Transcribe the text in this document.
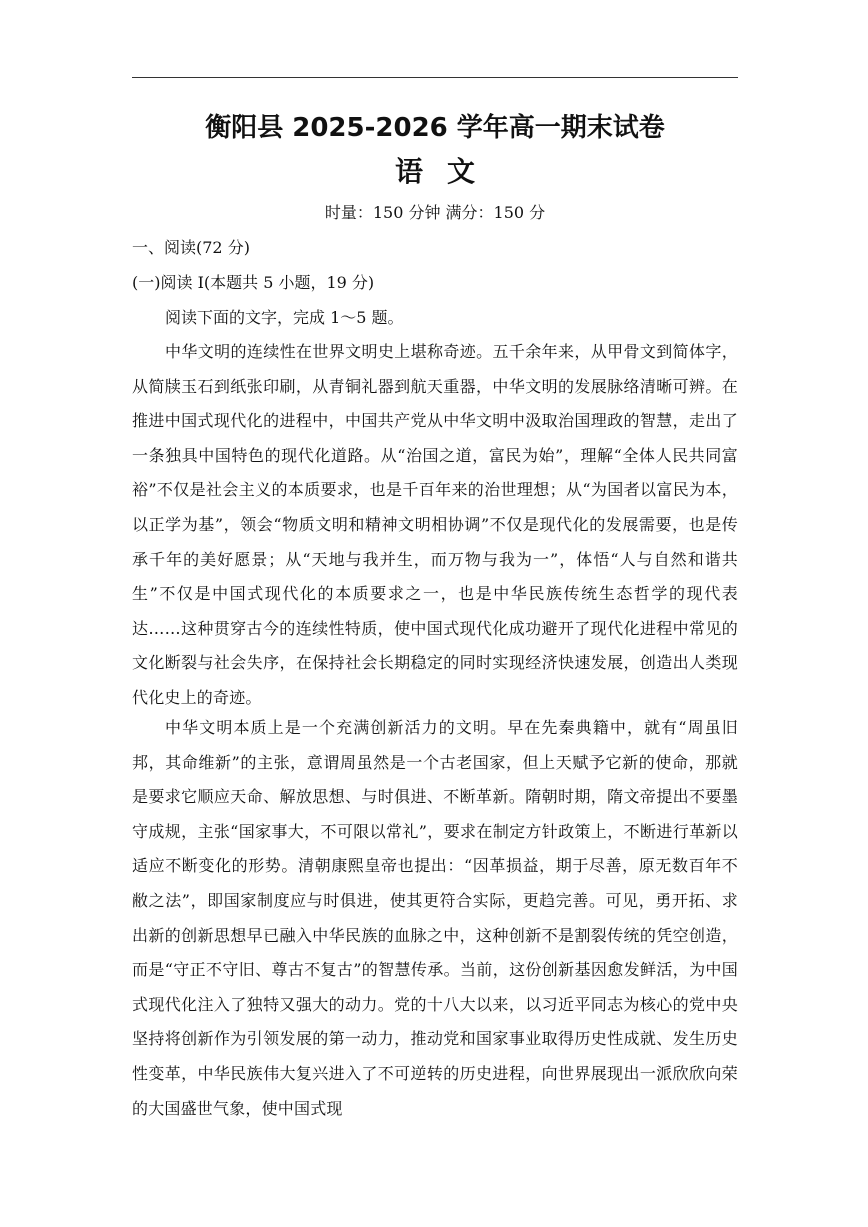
衡阳县 2025-2026 学年高一期末试卷
语文
时量：150 分钟 满分：150 分
一、阅读(72 分)
(一)阅读 I(本题共 5 小题，19 分)
阅读下面的文字，完成 1～5 题。

中华文明的连续性在世界文明史上堪称奇迹。五千余年来，从甲骨文到简体字，从简牍玉石到纸张印刷，从青铜礼器到航天重器，中华文明的发展脉络清晰可辨。在推进中国式现代化的进程中，中国共产党从中华文明中汲取治国理政的智慧，走出了一条独具中国特色的现代化道路。从“治国之道，富民为始”，理解“全体人民共同富裕”不仅是社会主义的本质要求，也是千百年来的治世理想；从“为国者以富民为本，以正学为基”，领会“物质文明和精神文明相协调”不仅是现代化的发展需要，也是传承千年的美好愿景；从“天地与我并生，而万物与我为一”，体悟“人与自然和谐共生”不仅是中国式现代化的本质要求之一，也是中华民族传统生态哲学的现代表达……这种贯穿古今的连续性特质，使中国式现代化成功避开了现代化进程中常见的文化断裂与社会失序，在保持社会长期稳定的同时实现经济快速发展，创造出人类现代化史上的奇迹。

中华文明本质上是一个充满创新活力的文明。早在先秦典籍中，就有“周虽旧邦，其命维新”的主张，意谓周虽然是一个古老国家，但上天赋予它新的使命，那就是要求它顺应天命、解放思想、与时俱进、不断革新。隋朝时期，隋文帝提出不要墨守成规，主张“国家事大，不可限以常礼”，要求在制定方针政策上，不断进行革新以适应不断变化的形势。清朝康熙皇帝也提出：“因革损益，期于尽善，原无数百年不敝之法”，即国家制度应与时俱进，使其更符合实际，更趋完善。可见，勇开拓、求出新的创新思想早已融入中华民族的血脉之中，这种创新不是割裂传统的凭空创造，而是“守正不守旧、尊古不复古”的智慧传承。当前，这份创新基因愈发鲜活，为中国式现代化注入了独特又强大的动力。党的十八大以来，以习近平同志为核心的党中央坚持将创新作为引领发展的第一动力，推动党和国家事业取得历史性成就、发生历史性变革，中华民族伟大复兴进入了不可逆转的历史进程，向世界展现出一派欣欣向荣的大国盛世气象，使中国式现
